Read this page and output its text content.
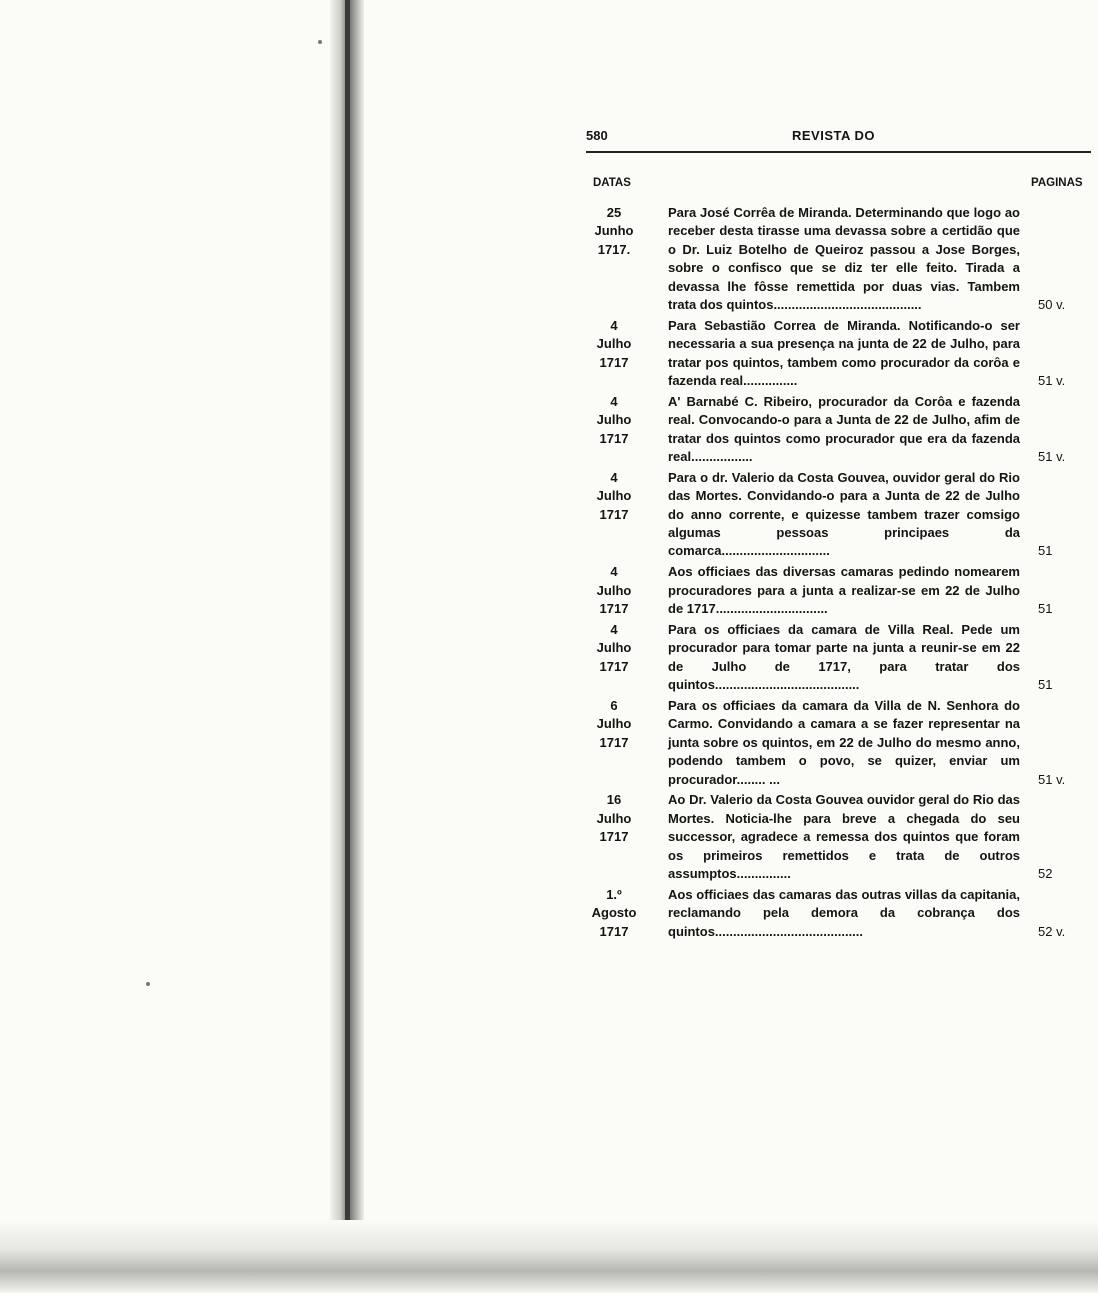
580	REVISTA DO
DATAS	PAGINAS
25
Junho
1717.
Para José Corrêa de Miranda. Determinando que logo ao receber desta tirasse uma devassa sobre a certidão que o Dr. Luiz Botelho de Queiroz passou a Jose Borges, sobre o confisco que se diz ter elle feito. Tirada a devassa lhe fôsse remettida por duas vias. Tambem trata dos quintos.........................................	50 v.
4
Julho
1717
Para Sebastião Correa de Miranda. Notificando-o ser necessaria a sua presença na junta de 22 de Julho, para tratar pos quintos, tambem como procurador da corôa e fazenda real...............	51 v.
4
Julho
1717
A' Barnabé C. Ribeiro, procurador da Corôa e fazenda real. Convocando-o para a Junta de 22 de Julho, afim de tratar dos quintos como procurador que era da fazenda real.................	51 v.
4
Julho
1717
Para o dr. Valerio da Costa Gouvea, ouvidor geral do Rio das Mortes. Convidando-o para a Junta de 22 de Julho do anno corrente, e quizesse tambem trazer comsigo algumas pessoas principaes da comarca..............................	51
4
Julho
1717
Aos officiaes das diversas camaras pedindo nomearem procuradores para a junta a realizar-se em 22 de Julho de 1717...............................	51
4
Julho
1717
Para os officiaes da camara de Villa Real. Pede um procurador para tomar parte na junta a reunir-se em 22 de Julho de 1717, para tratar dos quintos........................................	51
6
Julho
1717
Para os officiaes da camara da Villa de N. Senhora do Carmo. Convidando a camara a se fazer representar na junta sobre os quintos, em 22 de Julho do mesmo anno, podendo tambem o povo, se quizer, enviar um procurador........ ...	51 v.
16
Julho
1717
Ao Dr. Valerio da Costa Gouvea ouvidor geral do Rio das Mortes. Noticia-lhe para breve a chegada do seu successor, agradece a remessa dos quintos que foram os primeiros remettidos e trata de outros assumptos...............	52
1.º
Agosto
1717
Aos officiaes das camaras das outras villas da capitania, reclamando pela demora da cobrança dos quintos.........................................	52 v.
